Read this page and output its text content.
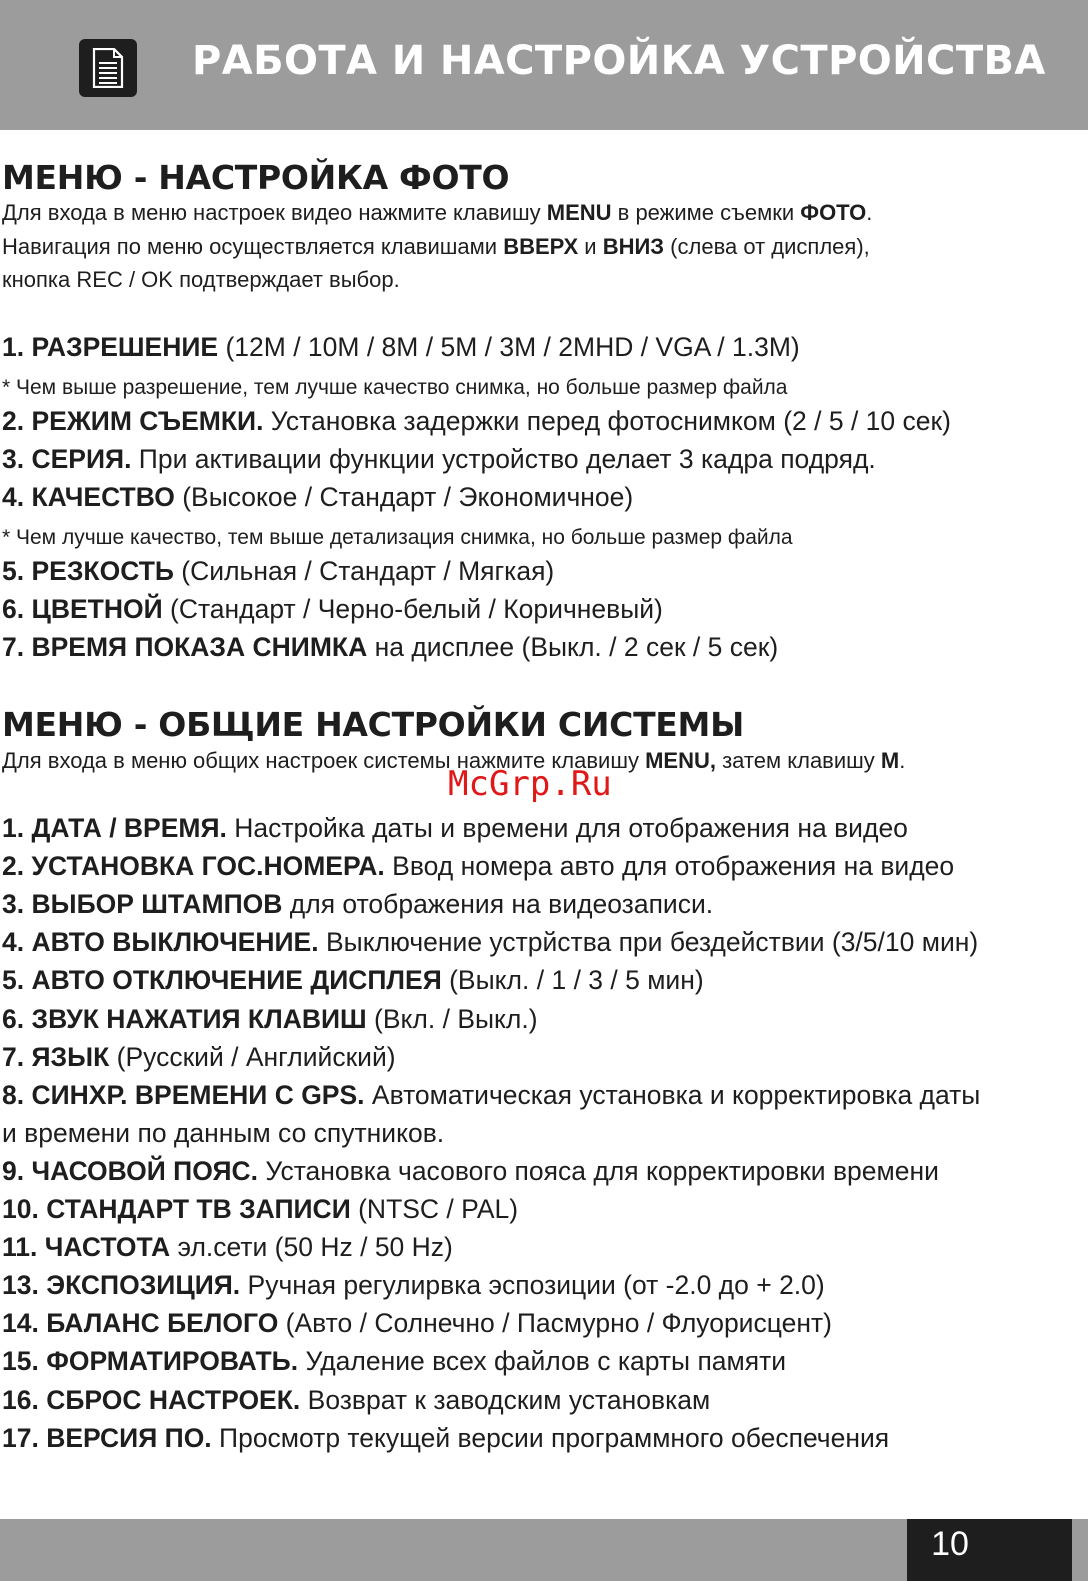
РАБОТА И НАСТРОЙКА УСТРОЙСТВА
МЕНЮ - НАСТРОЙКА ФОТО

Для входа в меню настроек видео нажмите клавишу MENU в режиме съемки ФОТО.

Навигация по меню осуществляется клавишами ВВЕРХ и ВНИЗ (слева от дисплея),

кнопка REC / OK подтверждает выбор.

1. РАЗРЕШЕНИЕ (12M / 10M / 8M / 5M / 3M / 2MHD / VGA / 1.3M)
* Чем выше разрешение, тем лучше качество снимка, но больше размер файла
2. РЕЖИМ СЪЕМКИ. Установка задержки перед фотоснимком (2 / 5 / 10 сек)
3. СЕРИЯ. При активации функции устройство делает 3 кадра подряд.
4. КАЧЕСТВО (Высокое / Стандарт / Экономичное)
* Чем лучше качество, тем выше детализация снимка, но больше размер файла
5. РЕЗКОСТЬ (Сильная / Стандарт / Мягкая)
6. ЦВЕТНОЙ (Стандарт / Черно-белый / Коричневый)
7. ВРЕМЯ ПОКАЗА СНИМКА на дисплее (Выкл. / 2 сек / 5 сек)
МЕНЮ - ОБЩИЕ НАСТРОЙКИ СИСТЕМЫ

Для входа в меню общих настроек системы нажмите клавишу MENU, затем клавишу M.

1. ДАТА / ВРЕМЯ. Настройка даты и времени для отображения на видео
2. УСТАНОВКА ГОС.НОМЕРА. Ввод номера авто для отображения на видео
3. ВЫБОР ШТАМПОВ для отображения на видеозаписи.
4. АВТО ВЫКЛЮЧЕНИЕ. Выключение устрйства при бездействии (3/5/10 мин)
5. АВТО ОТКЛЮЧЕНИЕ ДИСПЛЕЯ (Выкл. / 1 / 3 / 5 мин)
6. ЗВУК НАЖАТИЯ КЛАВИШ (Вкл. / Выкл.)
7. ЯЗЫК (Русский / Английский)
8. СИНХР. ВРЕМЕНИ С GPS. Автоматическая установка и корректировка даты
и времени по данным со спутников.
9. ЧАСОВОЙ ПОЯС. Установка часового пояса для корректировки времени
10. СТАНДАРТ ТВ ЗАПИСИ (NTSC / PAL)
11. ЧАСТОТА эл.сети (50 Hz / 50 Hz)
13. ЭКСПОЗИЦИЯ. Ручная регулирвка эспозиции (от -2.0 до + 2.0)
14. БАЛАНС БЕЛОГО (Авто / Солнечно / Пасмурно / Флуорисцент)
15. ФОРМАТИРОВАТЬ. Удаление всех файлов с карты памяти
16. СБРОС НАСТРОЕК. Возврат к заводским установкам
17. ВЕРСИЯ ПО. Просмотр текущей версии программного обеспечения
McGrp.Ru
10
